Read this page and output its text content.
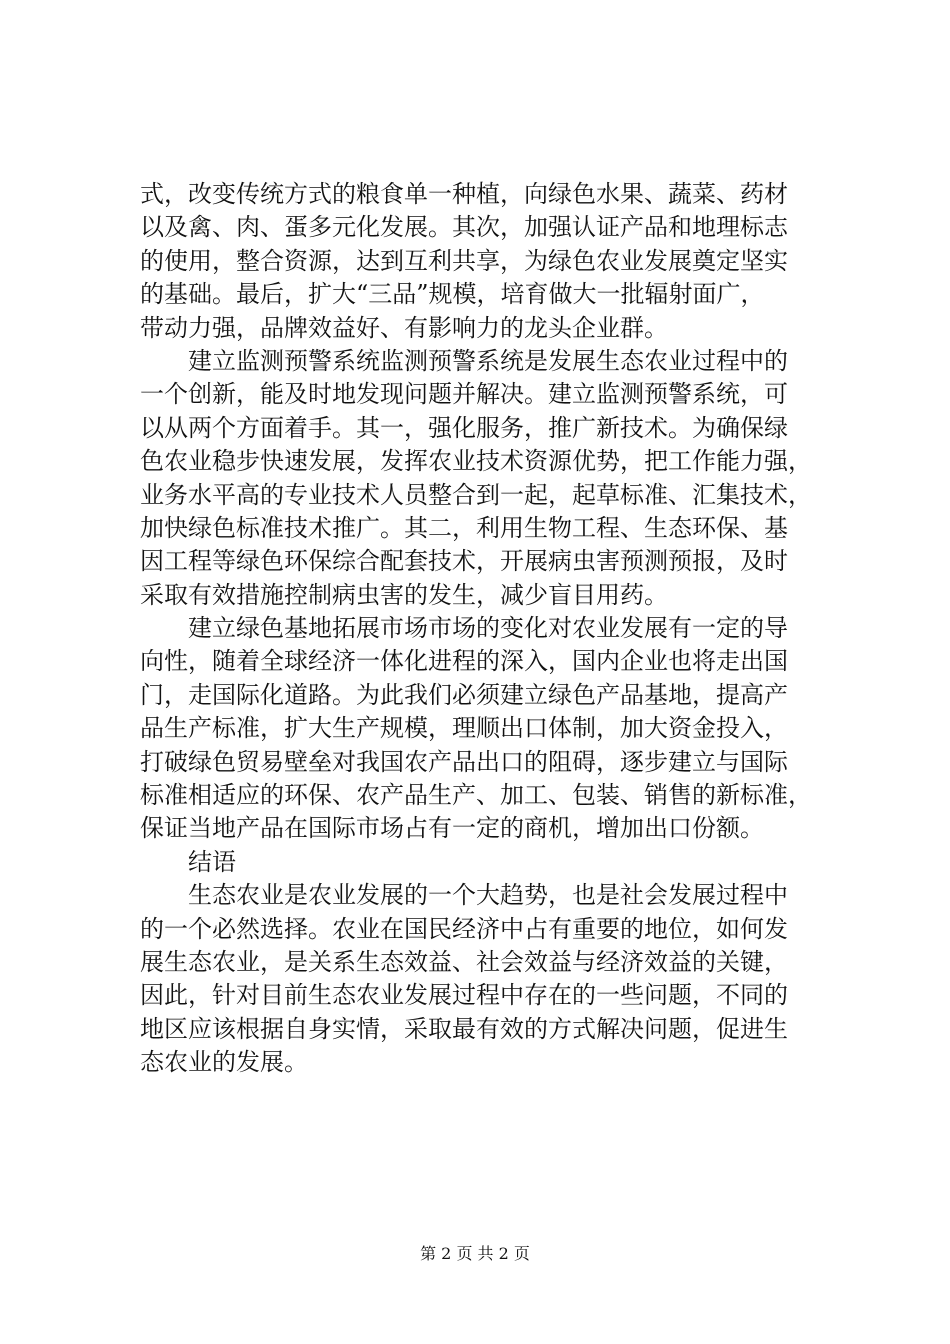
式，改变传统方式的粮食单一种植，向绿色水果、蔬菜、药材
以及禽、肉、蛋多元化发展。其次，加强认证产品和地理标志
的使用，整合资源，达到互利共享，为绿色农业发展奠定坚实
的基础。最后，扩大“三品”规模，培育做大一批辐射面广，
带动力强，品牌效益好、有影响力的龙头企业群。
建立监测预警系统监测预警系统是发展生态农业过程中的
一个创新，能及时地发现问题并解决。建立监测预警系统，可
以从两个方面着手。其一，强化服务，推广新技术。为确保绿
色农业稳步快速发展，发挥农业技术资源优势，把工作能力强，
业务水平高的专业技术人员整合到一起，起草标准、汇集技术，
加快绿色标准技术推广。其二，利用生物工程、生态环保、基
因工程等绿色环保综合配套技术，开展病虫害预测预报，及时
采取有效措施控制病虫害的发生，减少盲目用药。
建立绿色基地拓展市场市场的变化对农业发展有一定的导
向性，随着全球经济一体化进程的深入，国内企业也将走出国
门，走国际化道路。为此我们必须建立绿色产品基地，提高产
品生产标准，扩大生产规模，理顺出口体制，加大资金投入，
打破绿色贸易壁垒对我国农产品出口的阻碍，逐步建立与国际
标准相适应的环保、农产品生产、加工、包装、销售的新标准，
保证当地产品在国际市场占有一定的商机，增加出口份额。
结语
生态农业是农业发展的一个大趋势，也是社会发展过程中
的一个必然选择。农业在国民经济中占有重要的地位，如何发
展生态农业，是关系生态效益、社会效益与经济效益的关键，
因此，针对目前生态农业发展过程中存在的一些问题，不同的
地区应该根据自身实情，采取最有效的方式解决问题，促进生
态农业的发展。
第 2 页 共 2 页
